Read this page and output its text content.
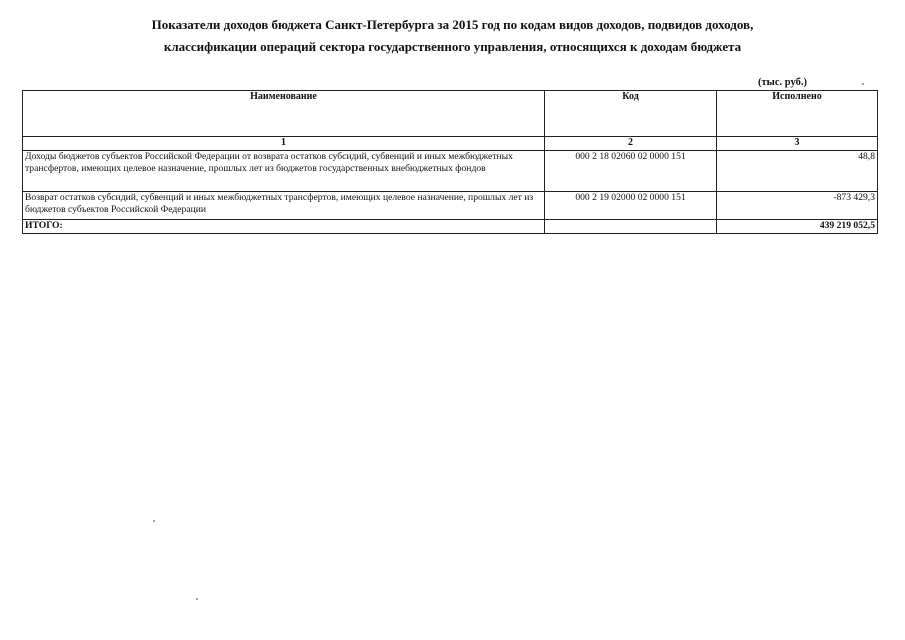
Показатели доходов бюджета Санкт-Петербурга за 2015 год по кодам видов доходов, подвидов доходов,
классификации операций сектора государственного управления, относящихся к доходам бюджета
(тыс. руб.)
Наименование	Код	Исполнено
1	2	3
Доходы бюджетов субъектов Российской Федерации от возврата остатков субсидий, субвенций и иных межбюджетных трансфертов, имеющих целевое назначение, прошлых лет из бюджетов государственных внебюджетных фондов	000 2 18 02060 02 0000 151	48,8
Возврат остатков субсидий, субвенций и иных межбюджетных трансфертов, имеющих целевое назначение, прошлых лет из бюджетов субъектов Российской Федерации	000 2 19 02000 02 0000 151	-873 429,3
ИТОГО:		439 219 052,5
